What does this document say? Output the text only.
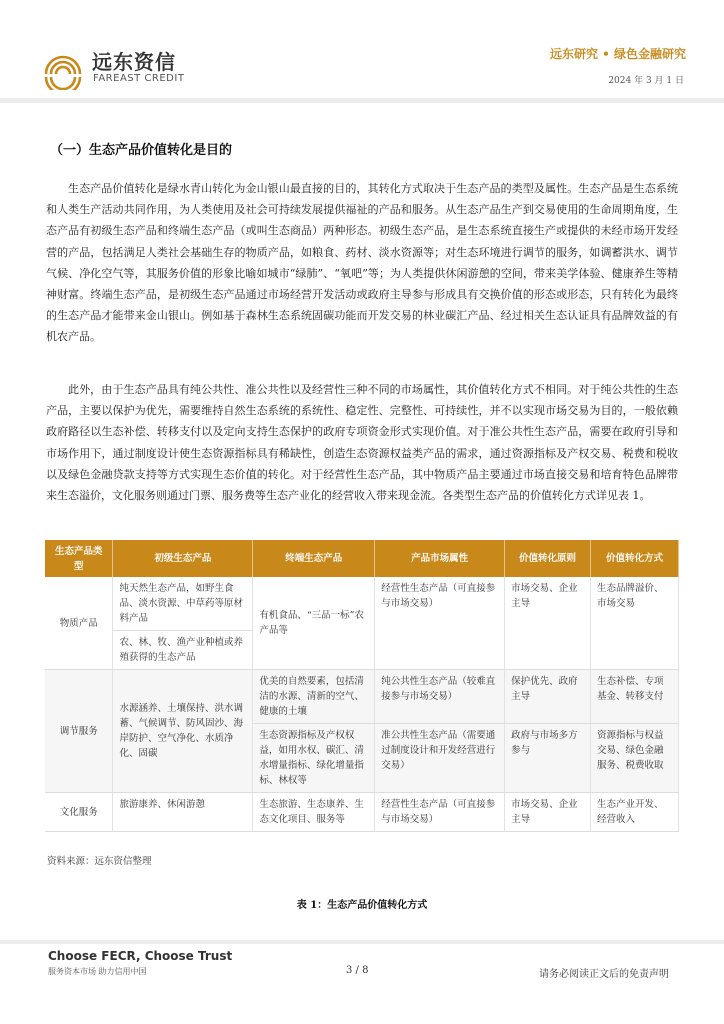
远东资信
FAREAST CREDIT
远东研究 • 绿色金融研究
2024 年 3 月 1 日
（一）生态产品价值转化是目的
生态产品价值转化是绿水青山转化为金山银山最直接的目的，其转化方式取决于生态产品的类型及属性。生态产品是生态系统和人类生产活动共同作用，为人类使用及社会可持续发展提供福祉的产品和服务。从生态产品生产到交易使用的生命周期角度，生态产品有初级生态产品和终端生态产品（或叫生态商品）两种形态。初级生态产品，是生态系统直接生产或提供的未经市场开发经营的产品，包括满足人类社会基础生存的物质产品，如粮食、药材、淡水资源等；对生态环境进行调节的服务，如调蓄洪水、调节气候、净化空气等，其服务价值的形象比喻如城市“绿肺”、“氧吧”等；为人类提供休闲游憩的空间，带来美学体验、健康养生等精神财富。终端生态产品，是初级生态产品通过市场经营开发活动或政府主导参与形成具有交换价值的形态或形态，只有转化为最终的生态产品才能带来金山银山。例如基于森林生态系统固碳功能而开发交易的林业碳汇产品、经过相关生态认证具有品牌效益的有机农产品。
此外，由于生态产品具有纯公共性、准公共性以及经营性三种不同的市场属性，其价值转化方式不相同。对于纯公共性的生态产品，主要以保护为优先，需要维持自然生态系统的系统性、稳定性、完整性、可持续性，并不以实现市场交易为目的，一般依赖政府路径以生态补偿、转移支付以及定向支持生态保护的政府专项资金形式实现价值。对于准公共性生态产品，需要在政府引导和市场作用下，通过制度设计使生态资源指标具有稀缺性，创造生态资源权益类产品的需求，通过资源指标及产权交易、税费和税收以及绿色金融贷款支持等方式实现生态价值的转化。对于经营性生态产品，其中物质产品主要通过市场直接交易和培育特色品牌带来生态溢价，文化服务则通过门票、服务费等生态产业化的经营收入带来现金流。各类型生态产品的价值转化方式详见表 1。
生态产品类型	初级生态产品	终端生态产品	产品市场属性	价值转化原则	价值转化方式
物质产品	纯天然生态产品，如野生食品、淡水资源、中草药等原材料产品	有机食品、“三品一标”农产品等	经营性生态产品（可直接参与市场交易）	市场交易、企业主导	生态品牌溢价、市场交易
	农、林、牧、渔产业种植或养殖获得的生态产品				
调节服务	水源涵养、土壤保持、洪水调蓄、气候调节、防风固沙、海岸防护、空气净化、水质净化、固碳	优美的自然要素，包括清洁的水源、清新的空气、健康的土壤	纯公共性生态产品（较难直接参与市场交易）	保护优先、政府主导	生态补偿、专项基金、转移支付
		生态资源指标及产权权益，如用水权、碳汇、清水增量指标、绿化增量指标、林权等	准公共性生态产品（需要通过制度设计和开发经营进行交易）	政府与市场多方参与	资源指标与权益交易、绿色金融服务、税费收取
文化服务	旅游康养、休闲游憩	生态旅游、生态康养、生态文化项目、服务等	经营性生态产品（可直接参与市场交易）	市场交易、企业主导	生态产业开发、经营收入
资料来源：远东资信整理
表 1：生态产品价值转化方式
Choose FECR, Choose Trust
服务资本市场 助力信用中国	3 / 8	请务必阅读正文后的免责声明
